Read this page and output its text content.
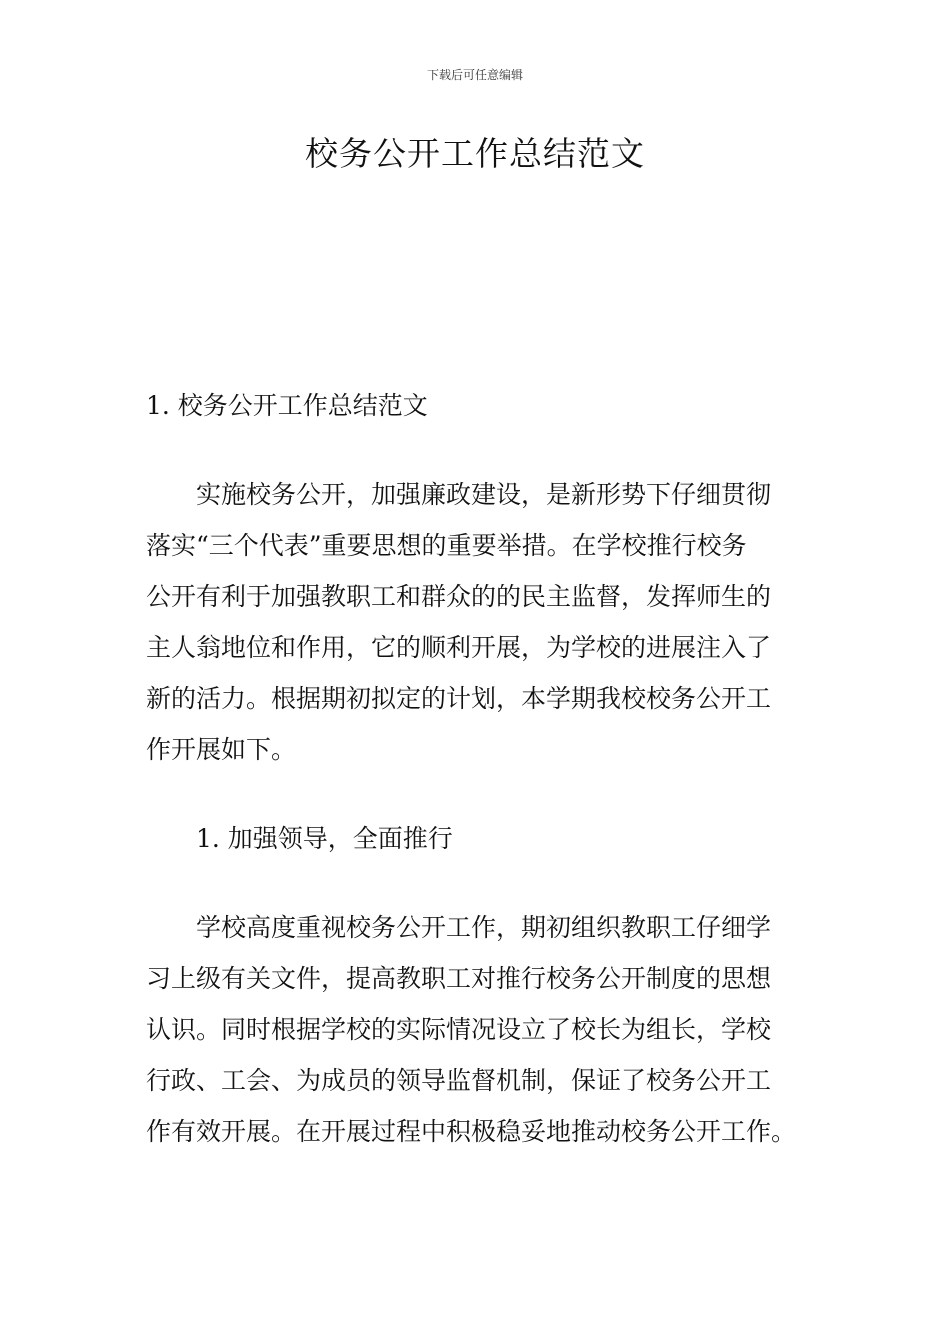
下载后可任意编辑
校务公开工作总结范文
1. 校务公开工作总结范文
实施校务公开，加强廉政建设，是新形势下仔细贯彻
落实“三个代表”重要思想的重要举措。在学校推行校务
公开有利于加强教职工和群众的的民主监督，发挥师生的
主人翁地位和作用，它的顺利开展，为学校的进展注入了
新的活力。根据期初拟定的计划，本学期我校校务公开工
作开展如下。
1. 加强领导，全面推行
学校高度重视校务公开工作，期初组织教职工仔细学
习上级有关文件，提高教职工对推行校务公开制度的思想
认识。同时根据学校的实际情况设立了校长为组长，学校
行政、工会、为成员的领导监督机制，保证了校务公开工
作有效开展。在开展过程中积极稳妥地推动校务公开工作。
